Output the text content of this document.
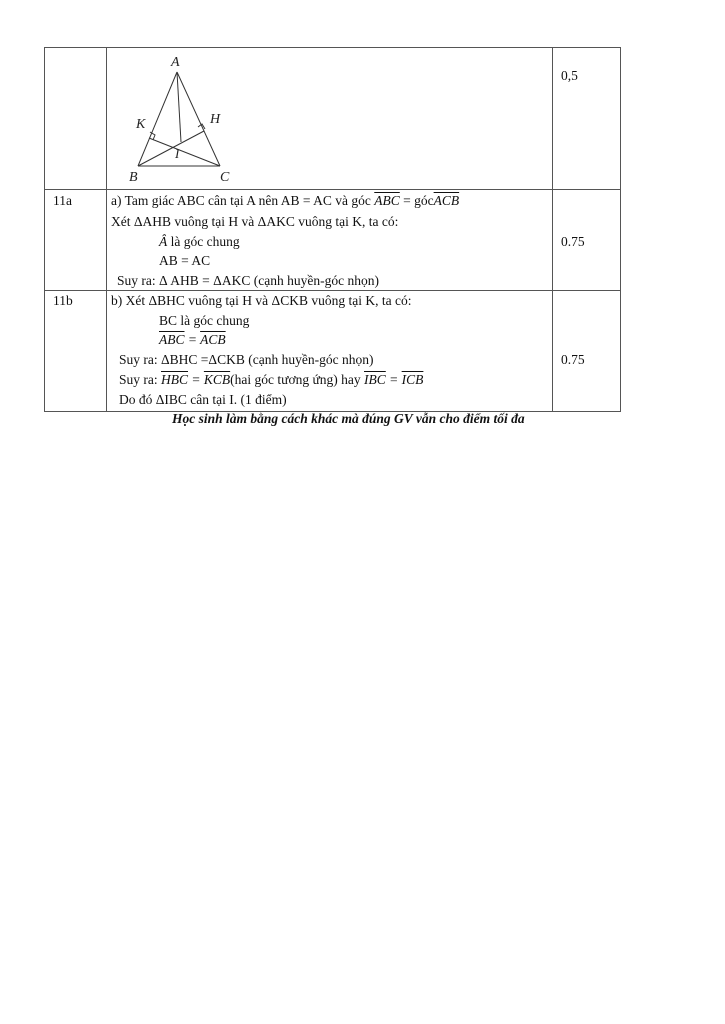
A
K	H
I
B	C
0,5
11a	a) Tam giác ABC cân tại A nên AB = AC và góc $\overline{ABC}$ = $góc\overline{ACB}$
Xét ΔAHB vuông tại H và ΔAKC vuông tại K, ta có:
Â là góc chung
AB = AC
Suy ra: Δ AHB = ΔAKC (cạnh huyền-góc nhọn)
0.75
11b	b) Xét ΔBHC vuông tại H và ΔCKB vuông tại K, ta có:
BC là góc chung
$\overline{ABC} = \overline{ACB}$
Suy ra: ΔBHC =ΔCKB (cạnh huyền-góc nhọn)
Suy ra: $\overline{HBC} = \overline{KCB}(hai$ góc tương ứng) hay $\overline{IBC} = \overline{ICB}$
Do đó ΔIBC cân tại I. (1 điểm)
0.75
Học sinh làm bằng cách khác mà đúng GV vẫn cho điểm tối đa
